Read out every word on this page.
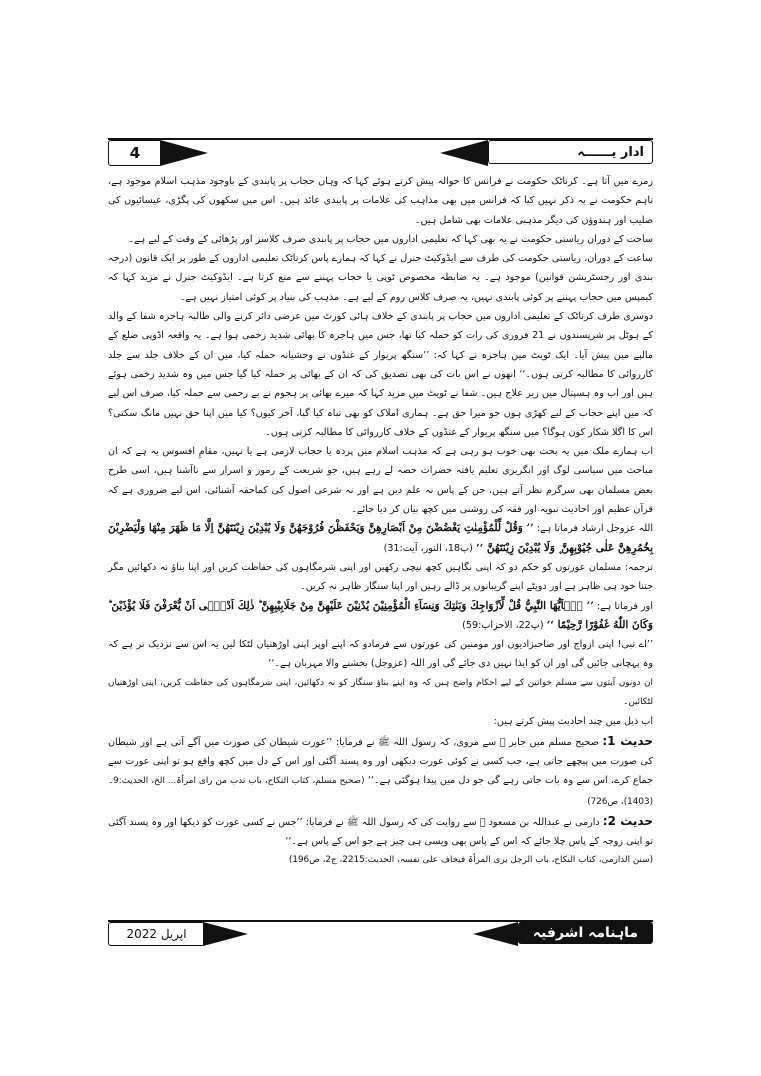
4	ادار یــــــہ

زمرے میں آتا ہے۔ کرناٹک حکومت نے فرانس کا حوالہ پیش کرتے ہوئے کہا کہ وہاں حجاب پر پابندی کے باوجود مذہب اسلام موجود ہے، تاہم حکومت نے یہ ذکر نہیں کیا کہ فرانس میں بھی مذاہب کی علامات پر پابندی عائد ہیں۔ اس میں سکھوں کی پگڑی، عیسائیوں کی صلیب اور ہندوؤں کی دیگر مذہبی علامات بھی شامل ہیں۔

ساحت کے دوران ریاستی حکومت نے یہ بھی کہا کہ تعلیمی اداروں میں حجاب پر پابندی صرف کلاسز اور پڑھائی کے وقت کے لیے ہے۔

ساعت کے دوران، ریاستی حکومت کی طرف سے ایڈوکیٹ جنرل نے کہا کہ ہمارے پاس کرناٹک تعلیمی اداروں کے طور پر ایک قانون (درجہ بندی اور رجسٹریشن قوانین) موجود ہے۔ یہ ضابطہ مخصوص ٹوپی یا حجاب پہننے سے منع کرتا ہے۔ ایڈوکیٹ جنرل نے مزید کہا کہ کیمپس میں حجاب پہننے پر کوئی پابندی نہیں، یہ صرف کلاس روم کے لیے ہے۔ مذہب کی بنیاد پر کوئی امتیاز نہیں ہے۔

دوسری طرف کرناٹک کے تعلیمی اداروں میں حجاب پر پابندی کے خلاف ہائی کورٹ میں عرضی دائر کرنے والی طالبہ ہاجرہ شفا کے والد کے ہوٹل پر شرپسندوں نے 21 فروری کی رات کو حملہ کیا تھا، جس میں ہاجرہ کا بھائی شدید زخمی ہوا ہے۔ یہ واقعہ اڈوپی ضلع کے مالپے میں پیش آیا۔ ایک ٹویٹ میں ہاجرہ نے کہا کہ: ’’سنگھ پریوار کے غنڈوں نے وحشیانہ حملہ کیا، میں ان کے خلاف جلد سے جلد کارروائی کا مطالبہ کرتی ہوں۔‘‘ انھوں نے اس بات کی بھی تصدیق کی کہ ان کے بھائی پر حملہ کیا گیا جس میں وہ شدید زخمی ہوئے ہیں اور اب وہ ہسپتال میں زیر علاج ہیں۔ شفا نے ٹویٹ میں مزید کہا کہ میرے بھائی پر ہجوم نے بے رحمی سے حملہ کیا، صرف اس لیے کہ میں اپنے حجاب کے لیے کھڑی ہوں جو میرا حق ہے۔ ہماری املاک کو بھی تباہ کیا گیا، آخر کیوں؟ کیا میں اپنا حق نہیں مانگ سکتی؟ اس کا اگلا شکار کون ہوگا؟ میں سنگھ پریوار کے غنڈوں کے خلاف کارروائی کا مطالبہ کرتی ہوں۔

اب ہمارے ملک میں یہ بحث بھی خوب ہو رہی ہے کہ مذہب اسلام میں پردہ یا حجاب لازمی ہے یا نہیں، مقامِ افسوس یہ ہے کہ ان مباحث میں سیاسی لوگ اور انگریزی تعلیم یافتہ حضرات حصہ لے رہے ہیں، جو شریعت کے رموز و اسرار سے ناآشنا ہیں، اسی طرح بعض مسلمان بھی سرگرم نظر آتے ہیں، جن کے پاس نہ علم دین ہے اور نہ شرعی اصول کی کماحقہ آشنائی، اس لیے ضروری ہے کہ قرآن عظیم اور احادیث نبویہ اور فقہ کی روشنی میں کچھ بیان کر دیا جائے۔

اللہ عزوجل ارشاد فرماتا ہے: ’’ وَقُلْ لِّلْمُؤْمِنٰتِ يَغْضُضْنَ مِنْ اَبْصَارِهِنَّ وَيَحْفَظْنَ فُرُوْجَهُنَّ وَلَا يُبْدِيْنَ زِيْنَتَهُنَّ اِلَّا مَا ظَهَرَ مِنْهَا وَلْيَضْرِبْنَ بِخُمُرِهِنَّ عَلٰى جُيُوْبِهِنَّ ۪ وَلَا يُبْدِيْنَ زِيْنَتَهُنَّ ‘‘ (پ18، النور، آیت:31)

ترجمہ: مسلمان عورتوں کو حکم دو کہ اپنی نگاہیں کچھ نیچی رکھیں اور اپنی شرمگاہوں کی حفاظت کریں اور اپنا بناؤ نہ دکھائیں مگر جتنا خود ہی ظاہر ہے اور دوپٹے اپنے گریبانوں پر ڈالے رہیں اور اپنا سنگار ظاہر نہ کریں۔

اور فرماتا ہے: ’’ يٰۤاَيُّهَا النَّبِيُّ قُلْ لِّاَزْوَاجِكَ وَبَنٰتِكَ وَنِسَآءِ الْمُؤْمِنِيْنَ يُدْنِيْنَ عَلَيْهِنَّ مِنْ جَلَابِيْبِهِنَّ ؕ ذٰلِكَ اَدْنٰۤى اَنْ يُّعْرَفْنَ فَلَا يُؤْذَيْنَ ؕ وَكَانَ اللّٰهُ غَفُوْرًا رَّحِيْمًا ‘‘ (پ22، الاحزاب:59)

’’اے نبی! اپنی ازواج اور صاحبزادیوں اور مومنین کی عورتوں سے فرمادو کہ اپنے اوپر اپنی اوڑھنیاں لٹکا لیں یہ اس سے نزدیک تر ہے کہ وہ پہچانی جائیں گی اور ان کو ایذا نہیں دی جائے گی اور اللہ (عزوجل) بخشنے والا مہربان ہے۔‘‘

ان دونوں آیتوں سے مسلم خواتین کے لیے احکام واضح ہیں کہ وہ اپنے بناؤ سنگار کو نہ دکھائیں، اپنی شرمگاہوں کی حفاظت کریں، اپنی اوڑھنیاں لٹکائیں۔

اب ذیل میں چند احادیث پیش کرتے ہیں:

حدیث 1: صحیح مسلم میں جابر ﷜ سے مروی، کہ رسول اللہ ﷺ نے فرمایا: ’’عورت شیطان کی صورت میں آگے آتی ہے اور شیطان کی صورت میں پیچھے جاتی ہے، جب کسی نے کوئی عورت دیکھی اور وہ پسند آگئی اور اس کے دل میں کچھ واقع ہو تو اپنی عورت سے جماع کرے، اس سے وہ بات جاتی رہے گی جو دل میں پیدا ہوگئی ہے۔‘‘ (صحیح مسلم، کتاب النکاح، باب ندب من رای امرأۃ... الخ، الحدیث:9۔(1403)، ص726)

حدیث 2: دارمی نے عبداللہ بن مسعود ﷜ سے روایت کی کہ رسول اللہ ﷺ نے فرمایا: ’’جس نے کسی عورت کو دیکھا اور وہ پسند آگئی تو اپنی زوجہ کے پاس چلا جائے کہ اس کے پاس بھی ویسی ہی چیز ہے جو اس کے پاس ہے۔‘‘

(سنن الدارمی، کتاب النکاح، باب الرجل یری المرأۃ فیخاف علی نفسہ، الحدیث:2215، ج2، ص196)

اپریل 2022	ماہنامہ اشرفیہ
